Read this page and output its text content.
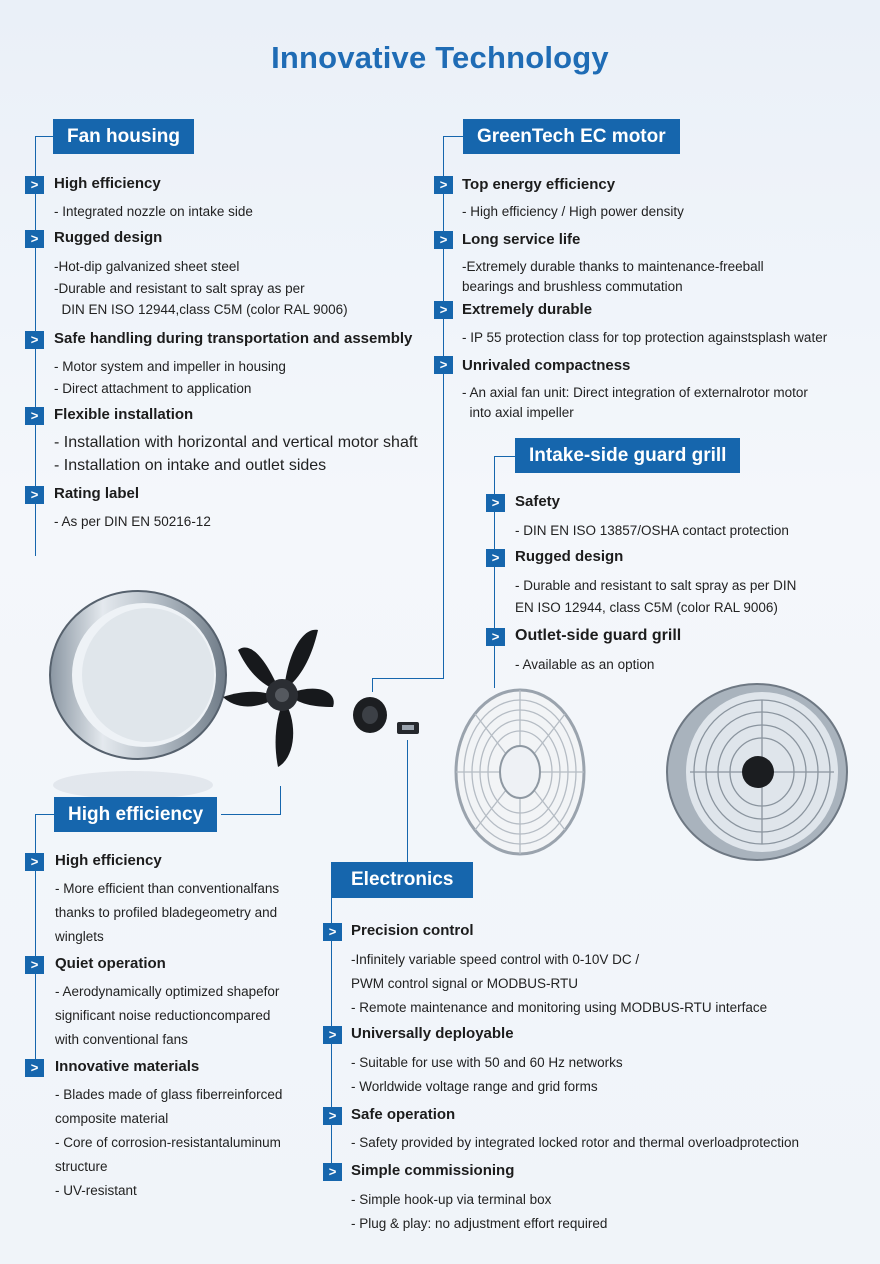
Innovative Technology
Fan housing
>	High efficiency
- Integrated nozzle on intake side
>	Rugged design
-Hot-dip galvanized sheet steel
-Durable and resistant to salt spray as per
DIN EN ISO 12944,class C5M (color RAL 9006)
>	Safe handling during transportation and assembly
- Motor system and impeller in housing
- Direct attachment to application
>	Flexible installation
- Installation with horizontal and vertical motor shaft
- Installation on intake and outlet sides
>	Rating label
- As per DIN EN 50216-12
GreenTech EC motor
> Top energy efficiency
- High efficiency / High power density
> Long service life
-Extremely durable thanks to maintenance-freeball
bearings and brushless commutation
> Extremely durable
- IP 55 protection class for top protection againstsplash water
> Unrivaled compactness
- An axial fan unit: Direct integration of externalrotor motor
into axial impeller
Intake-side guard grill
>	Safety
- DIN EN ISO 13857/OSHA contact protection
>	Rugged design
- Durable and resistant to salt spray as per DIN
EN ISO 12944, class C5M (color RAL 9006)
> Outlet-side guard grill
- Available as an option
High efficiency
>	High efficiency
- More efficient than conventionalfans
thanks to profiled bladegeometry and
winglets
>	Quiet operation
- Aerodynamically optimized shapefor
significant noise reductioncompared
with conventional fans
>	Innovative materials
- Blades made of glass fiberreinforced
composite material
- Core of corrosion-resistantaluminum
structure
- UV-resistant
Electronics
> Precision control
-Infinitely variable speed control with 0-10V DC /
PWM control signal or MODBUS-RTU
- Remote maintenance and monitoring using MODBUS-RTU interface
> Universally deployable
- Suitable for use with 50 and 60 Hz networks
- Worldwide voltage range and grid forms
> Safe operation
- Safety provided by integrated locked rotor and thermal overloadprotection
> Simple commissioning
- Simple hook-up via terminal box
- Plug & play: no adjustment effort required
